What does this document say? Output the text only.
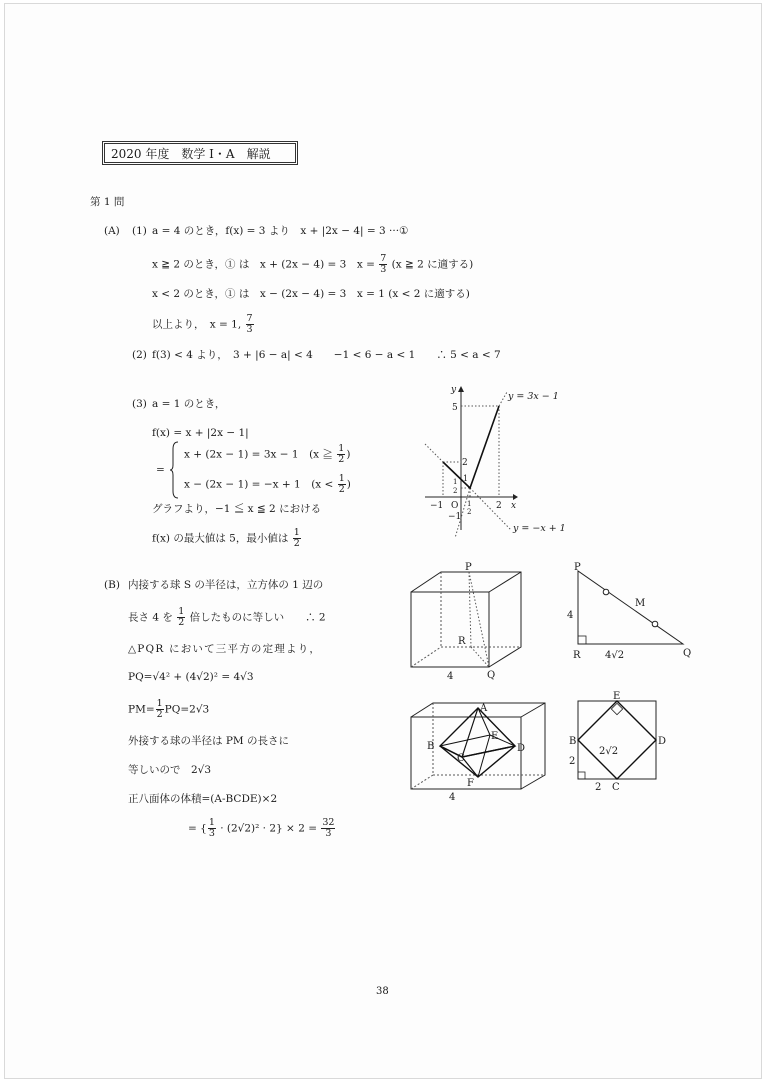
2020 年度　数学 I・A　解説
第 1 問
(A) (1) a = 4 のとき，f(x) = 3 より　x + |2x − 4| = 3 ···①
x ≧ 2 のとき，① は　x + (2x − 4) = 3　$x = \frac{7}{3} (x$ ≧ 2 に適する)
x < 2 のとき，① は　x − (2x − 4) = 3　x = 1 (x < 2 に適する)
以上より，　x = 1, $\frac{7}{3}$
(2) f(3) < 4 より，　3 + |6 − a| < 4　　−1 < 6 − a < 1　　∴ 5 < a < 7
(3) a = 1 のとき，
f(x) = x + |2x − 1|
=
x + (2x − 1) = 3x − 1　(x ≧ $\frac{1}{2}$ )
x − (2x − 1) = −x + 1　($x < \frac{1}{2}$ )
グラフより，−1 ≦ x ≦ 2 における
f(x) の最大値は 5，最小値は $\frac{1}{2}$
y
5
2
1
1
2
−1 O 1
2
−1
2 x
y = 3x − 1
y = −x + 1
(B) 内接する球 S の半径は，立方体の 1 辺の
長さ 4 を $\frac{1}{2}$ 倍したものに等しい　　∴ 2
△PQR において三平方の定理より，
PQ=√4² + (4√2)² = 4√3
$PM= \frac{1}{2} PQ=2√3$
外接する球の半径は PM の長さに
等しいので　2√3
正八面体の体積=(A-BCDE)×2
= { $\frac{1}{3} \cdot (2√2)^2 \cdot 2\} \times 2 = \frac{32}{3}$
P
R
Q
4
P
M
4
R 4√2	Q
A
B
C
D
E
F
4
E
B	D
2
2 C
2√2
38
